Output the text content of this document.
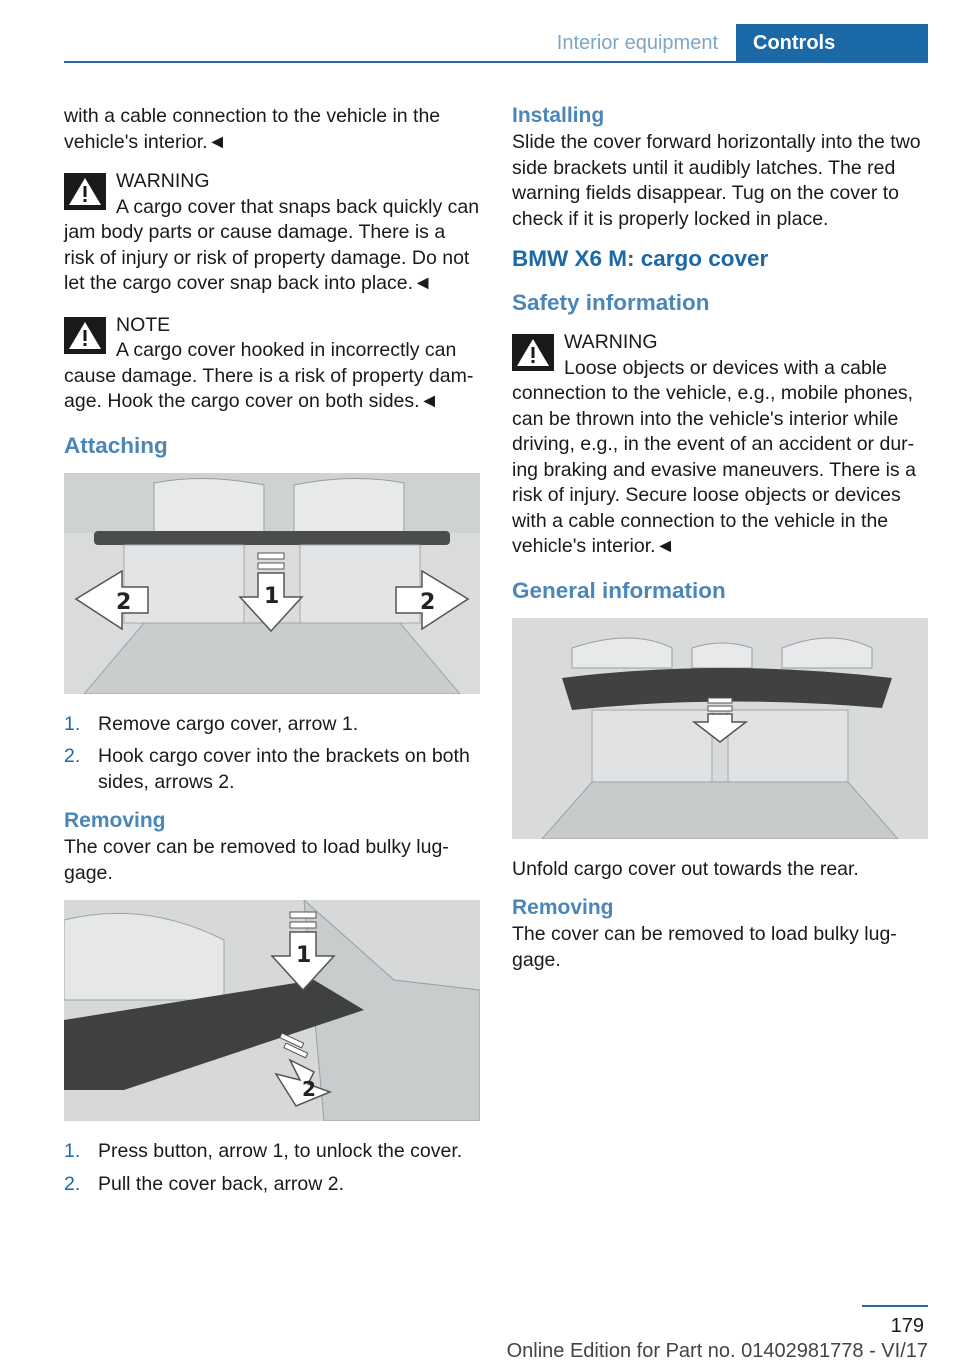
Interior equipment	Controls

with a cable connection to the vehicle in the vehicle's interior.◄

WARNING

A cargo cover that snaps back quickly can jam body parts or cause damage. There is a risk of injury or risk of property damage. Do not let the cargo cover snap back into place.◄

NOTE

A cargo cover hooked in incorrectly can cause damage. There is a risk of property dam‐age. Hook the cargo cover on both sides.◄

Attaching
2	1	2
1. Remove cargo cover, arrow 1.
2. Hook cargo cover into the brackets on both sides, arrows 2.
Removing

The cover can be removed to load bulky lug‐gage.

1
2
1. Press button, arrow 1, to unlock the cover.
2. Pull the cover back, arrow 2.
Installing

Slide the cover forward horizontally into the two side brackets until it audibly latches. The red warning fields disappear. Tug on the cover to check if it is properly locked in place.

BMW X6 M: cargo cover
Safety information
WARNING

Loose objects or devices with a cable connection to the vehicle, e.g., mobile phones, can be thrown into the vehicle's interior while driving, e.g., in the event of an accident or dur‐ing braking and evasive maneuvers. There is a risk of injury. Secure loose objects or devices with a cable connection to the vehicle in the vehicle's interior.◄

General information

Unfold cargo cover out towards the rear.

Removing

The cover can be removed to load bulky lug‐gage.

179
Online Edition for Part no. 01402981778 - VI/17
